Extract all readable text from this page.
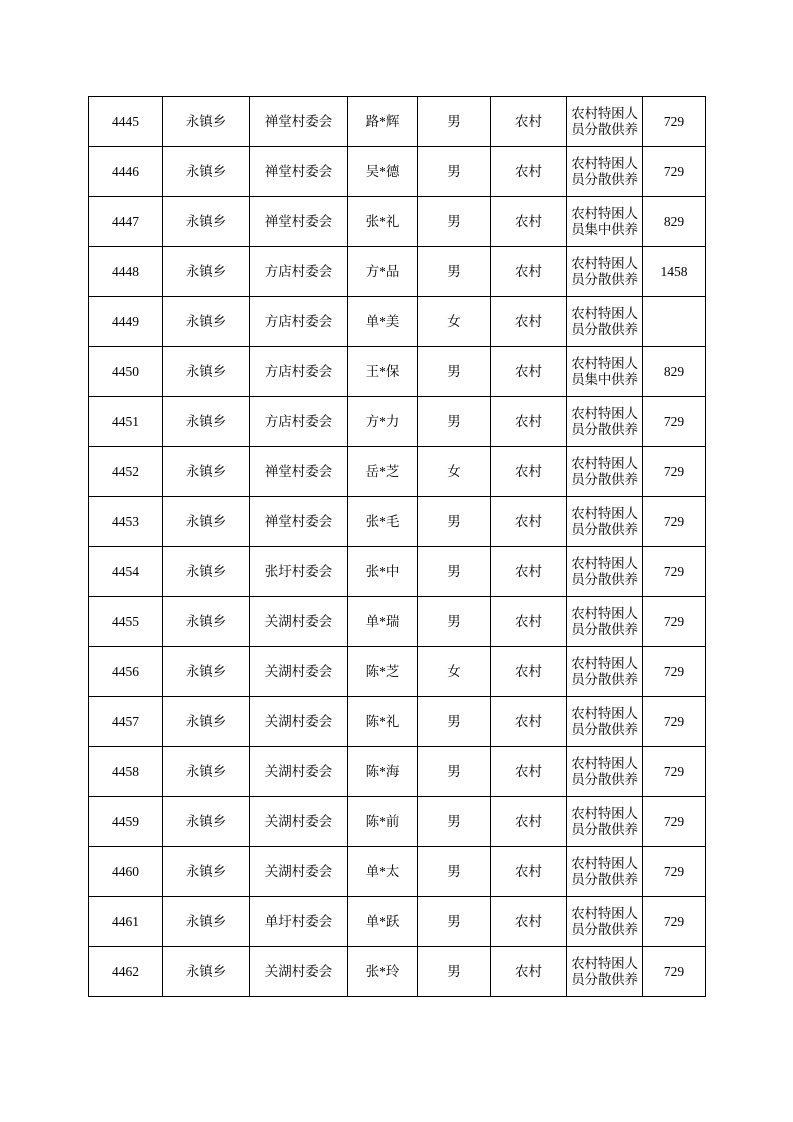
4445	永镇乡	禅堂村委会	路*辉	男	农村	农村特困人员分散供养	729
4446	永镇乡	禅堂村委会	吴*德	男	农村	农村特困人员分散供养	729
4447	永镇乡	禅堂村委会	张*礼	男	农村	农村特困人员集中供养	829
4448	永镇乡	方店村委会	方*品	男	农村	农村特困人员分散供养	1458
4449	永镇乡	方店村委会	单*美	女	农村	农村特困人员分散供养	

4450	永镇乡	方店村委会	王*保	男	农村	农村特困人员集中供养	829
4451	永镇乡	方店村委会	方*力	男	农村	农村特困人员分散供养	729
4452	永镇乡	禅堂村委会	岳*芝	女	农村	农村特困人员分散供养	729
4453	永镇乡	禅堂村委会	张*毛	男	农村	农村特困人员分散供养	729
4454	永镇乡	张圩村委会	张*中	男	农村	农村特困人员分散供养	729
4455	永镇乡	关湖村委会	单*瑞	男	农村	农村特困人员分散供养	729
4456	永镇乡	关湖村委会	陈*芝	女	农村	农村特困人员分散供养	729
4457	永镇乡	关湖村委会	陈*礼	男	农村	农村特困人员分散供养	729
4458	永镇乡	关湖村委会	陈*海	男	农村	农村特困人员分散供养	729
4459	永镇乡	关湖村委会	陈*前	男	农村	农村特困人员分散供养	729
4460	永镇乡	关湖村委会	单*太	男	农村	农村特困人员分散供养	729
4461	永镇乡	单圩村委会	单*跃	男	农村	农村特困人员分散供养	729
4462	永镇乡	关湖村委会	张*玲	男	农村	农村特困人员分散供养	729
